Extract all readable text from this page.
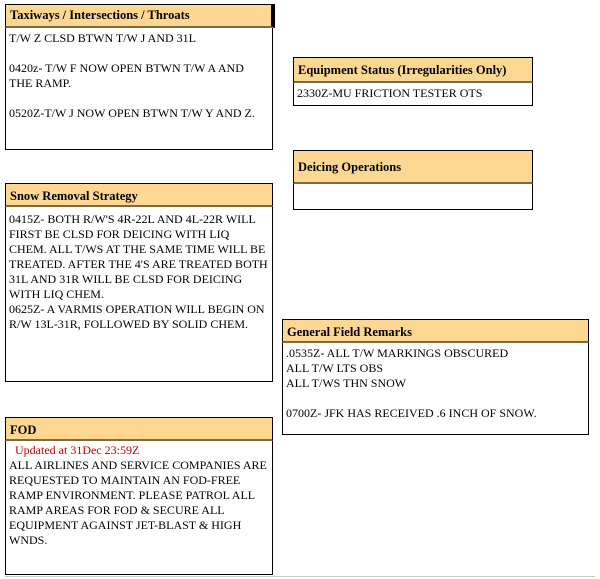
Taxiways / Intersections / Throats
T/W Z CLSD BTWN T/W J AND 31L
0420z- T/W F NOW OPEN BTWN T/W A AND THE RAMP.
0520Z-T/W J NOW OPEN BTWN T/W Y AND Z.
Equipment Status (Irregularities Only)
2330Z-MU FRICTION TESTER OTS
Deicing Operations
Snow Removal Strategy
0415Z- BOTH R/W'S 4R-22L AND 4L-22R WILL FIRST BE CLSD FOR DEICING WITH LIQ CHEM. ALL T/WS AT THE SAME TIME WILL BE TREATED. AFTER THE 4'S ARE TREATED BOTH 31L AND 31R WILL BE CLSD FOR DEICING WITH LIQ CHEM.
0625Z- A VARMIS OPERATION WILL BEGIN ON R/W 13L-31R, FOLLOWED BY SOLID CHEM.
General Field Remarks
.0535Z- ALL T/W MARKINGS OBSCURED
ALL T/W LTS OBS
ALL T/WS THN SNOW
0700Z- JFK HAS RECEIVED .6 INCH OF SNOW.
FOD
Updated at 31Dec 23:59Z
ALL AIRLINES AND SERVICE COMPANIES ARE REQUESTED TO MAINTAIN AN FOD-FREE RAMP ENVIRONMENT. PLEASE PATROL ALL RAMP AREAS FOR FOD & SECURE ALL EQUIPMENT AGAINST JET-BLAST & HIGH WNDS.
